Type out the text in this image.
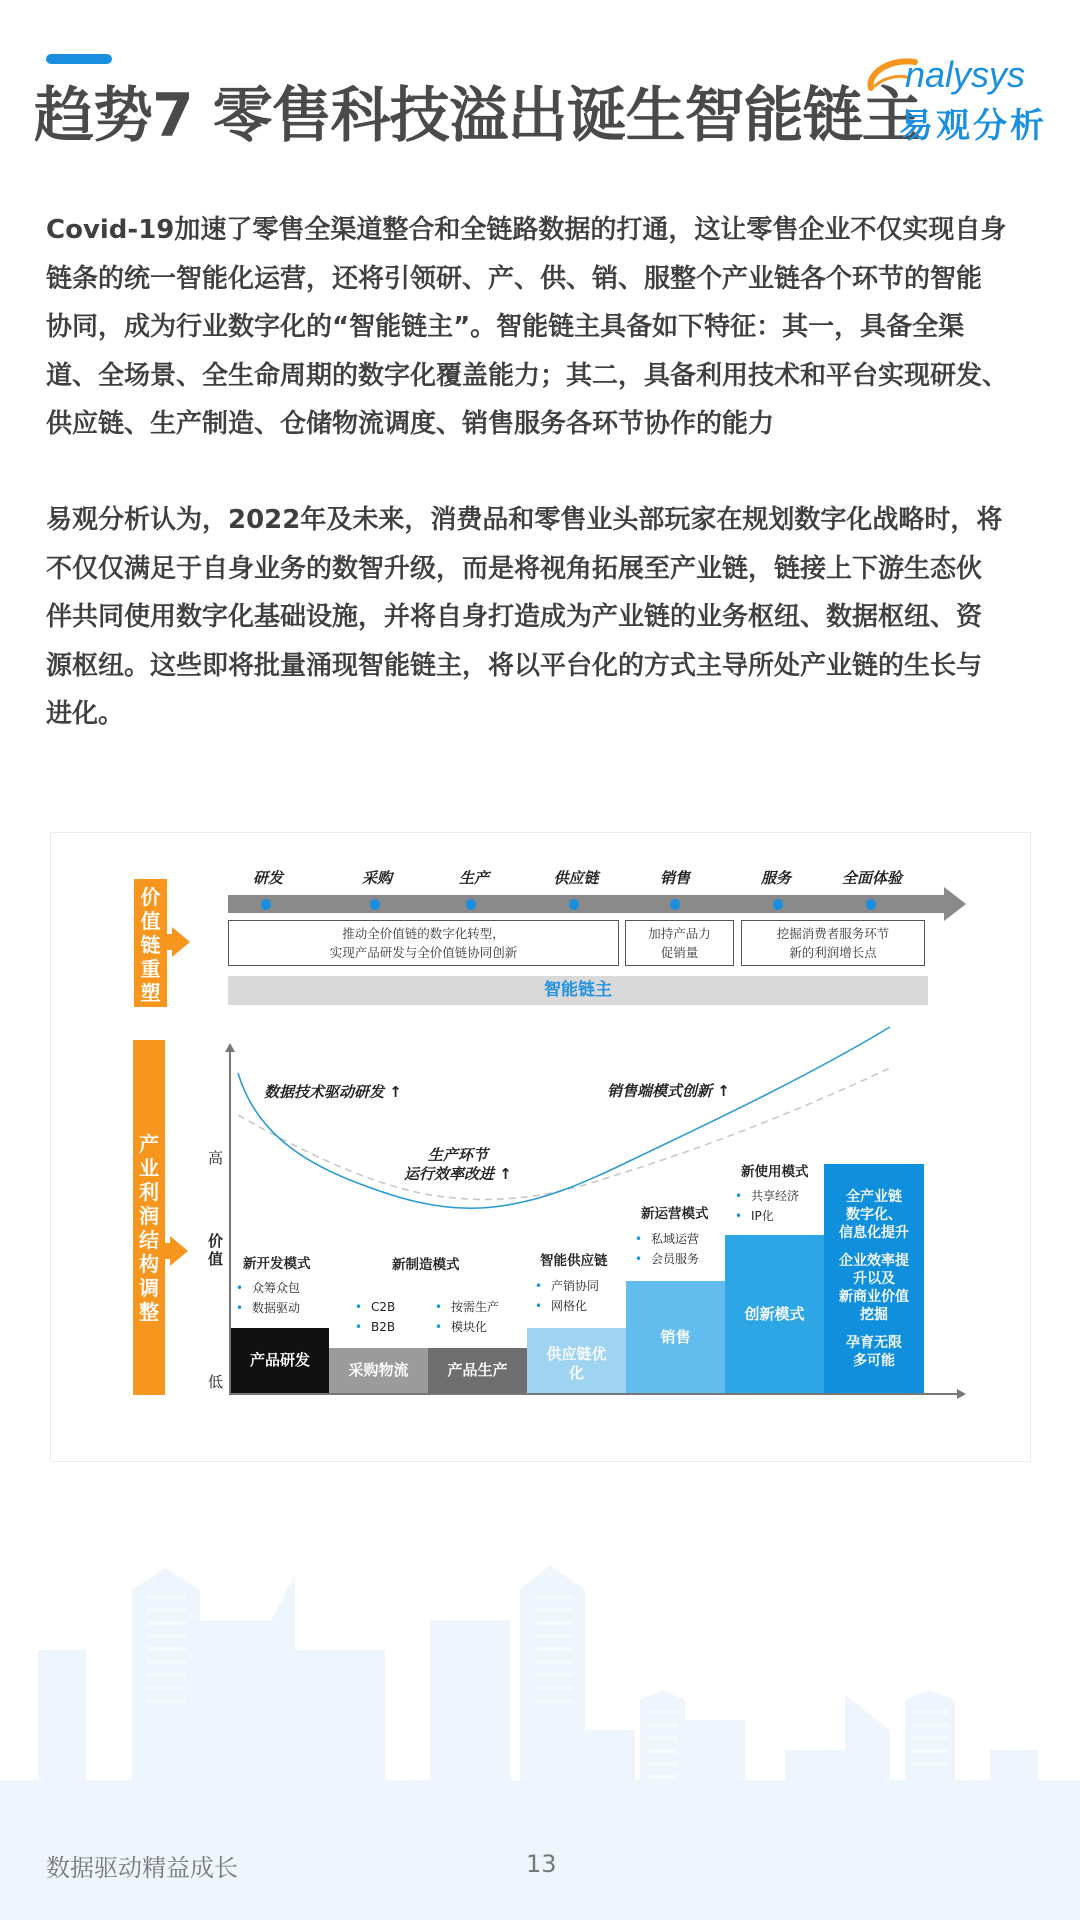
趋势7 零售科技溢出诞生智能链主
nalysys
易观分析
Covid-19加速了零售全渠道整合和全链路数据的打通，这让零售企业不仅实现自身
链条的统一智能化运营，还将引领研、产、供、销、服整个产业链各个环节的智能
协同，成为行业数字化的“智能链主”。智能链主具备如下特征：其一，具备全渠
道、全场景、全生命周期的数字化覆盖能力；其二，具备利用技术和平台实现研发、
供应链、生产制造、仓储物流调度、销售服务各环节协作的能力
易观分析认为，2022年及未来，消费品和零售业头部玩家在规划数字化战略时，将
不仅仅满足于自身业务的数智升级，而是将视角拓展至产业链，链接上下游生态伙
伴共同使用数字化基础设施，并将自身打造成为产业链的业务枢纽、数据枢纽、资
源枢纽。这些即将批量涌现智能链主，将以平台化的方式主导所处产业链的生长与
进化。
价
值
链
重
塑
研发	采购	生产	供应链	销售	服务	全面体验
推动全价值链的数字化转型，
实现产品研发与全价值链协同创新
加持产品力
促销量
挖掘消费者服务环节
新的利润增长点
智能链主
产
业
利
润
结
构
调
整
高
价
值
低
产品研发
采购物流	产品生产
供应链优
化
销售
创新模式
全产业链
数字化、
信息化提升
企业效率提
升以及
新商业价值
挖掘
孕育无限
多可能
数据技术驱动研发 ↑
生产环节
运行效率改进 ↑
销售端模式创新 ↑
新开发模式
• 众筹众包
• 数据驱动
新制造模式
• C2B
• B2B
• 按需生产
• 模块化
智能供应链
• 产销协同
• 网格化
新运营模式
• 私域运营
• 会员服务
新使用模式
• 共享经济
• IP化
数据驱动精益成长	13
